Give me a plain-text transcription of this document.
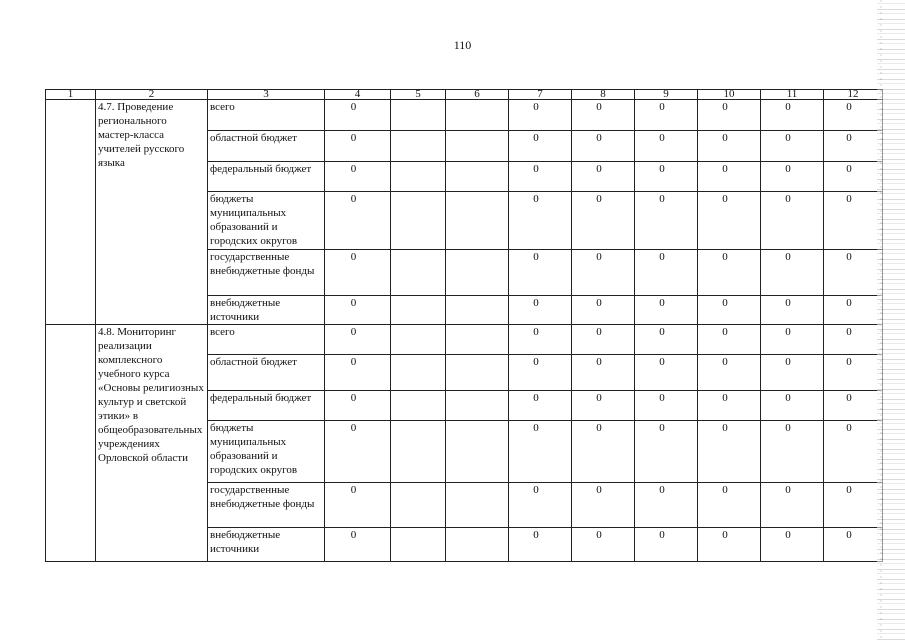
110
1	2	3	4	5	6	7	8	9	10	11	12
	4.7. Проведение регионального мастер-класса учителей русского языка	всего	0			0	0	0	0	0	0
		областной бюджет	0			0	0	0	0	0	0
		федеральный бюджет	0			0	0	0	0	0	0
		бюджеты муниципальных образований и городских округов	0			0	0	0	0	0	0
		государственные внебюджетные фонды	0			0	0	0	0	0	0
		внебюджетные источники	0			0	0	0	0	0	0
	4.8. Мониторинг реализации комплексного учебного курса «Основы религиозных культур и светской этики» в общеобразовательных учреждениях Орловской области	всего	0			0	0	0	0	0	0
		областной бюджет	0			0	0	0	0	0	0
		федеральный бюджет	0			0	0	0	0	0	0
		бюджеты муниципальных образований и городских округов	0			0	0	0	0	0	0
		государственные внебюджетные фонды	0			0	0	0	0	0	0
		внебюджетные источники	0			0	0	0	0	0	0
